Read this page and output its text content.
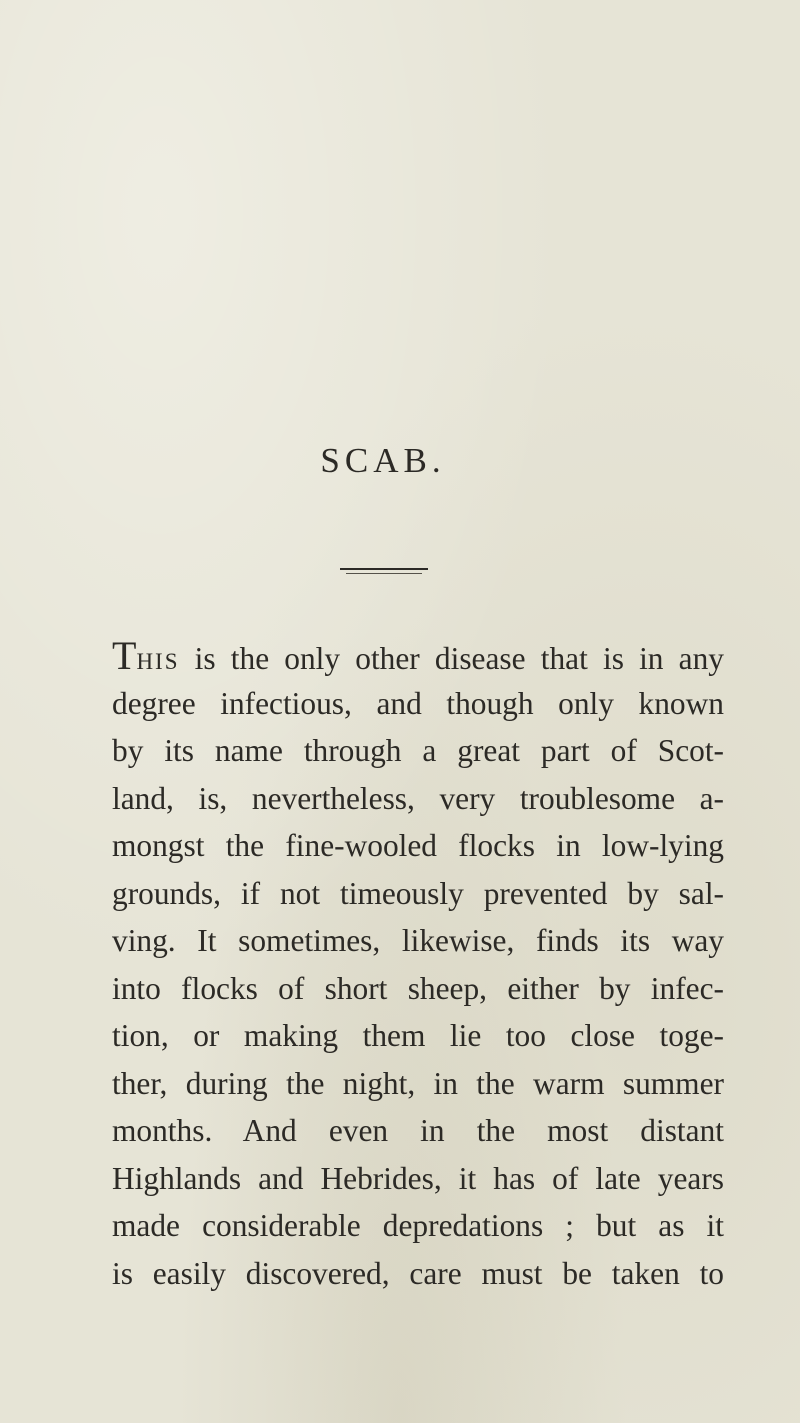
SCAB.
THIS is the only other disease that is in any
degree infectious, and though only known
by its name through a great part of Scot-
land, is, nevertheless, very troublesome a-
mongst the fine-wooled flocks in low-lying
grounds, if not timeously prevented by sal-
ving. It sometimes, likewise, finds its way
into flocks of short sheep, either by infec-
tion, or making them lie too close toge-
ther, during the night, in the warm summer
months. And even in the most distant
Highlands and Hebrides, it has of late years
made considerable depredations ; but as it
is easily discovered, care must be taken to
